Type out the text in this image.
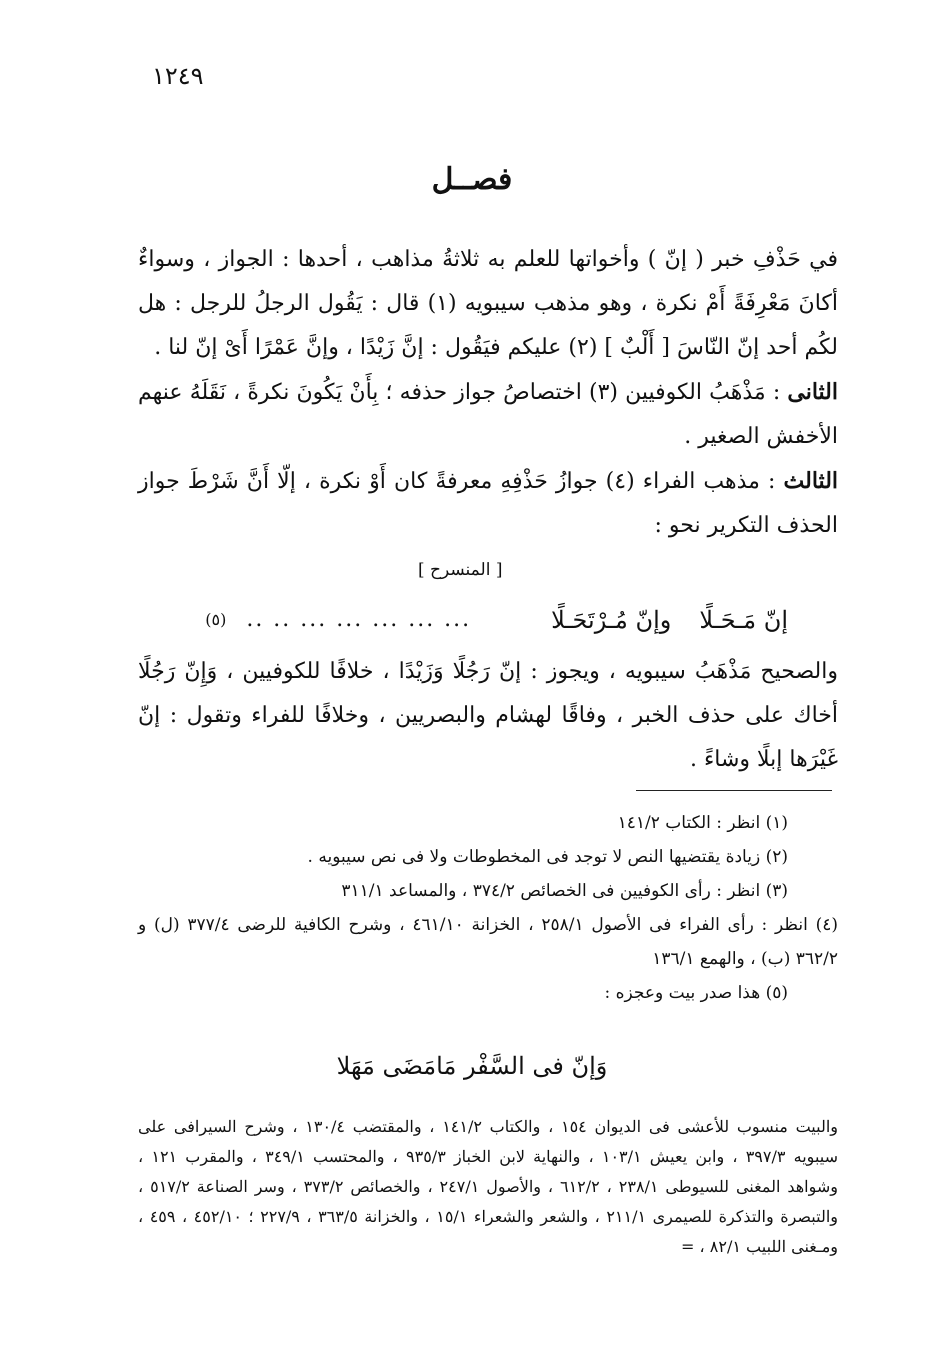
١٢٤٩
فصــل

في حَذْفِ خبر ( إنّ ) وأخواتها للعلم به ثلاثةُ مذاهب ، أحدها : الجواز ، وسواءٌ أكانَ مَعْرِفَةً أَمْ نكرة ، وهو مذهب سيبويه (١) قال : يَقُول الرجلُ للرجل : هل لكُم أحد إنّ النّاسَ [ أَلْبٌ ] (٢) عليكم فيَقُول : إنَّ زَيْدًا ، وإنَّ عَمْرًا أَىْ إنّ لنا .

الثانى : مَذْهَبُ الكوفيين (٣) اختصاصُ جواز حذفه ؛ بِأَنْ يَكُونَ نكرةً ، نَقَلَهُ عنهم الأخفش الصغير .

الثالث : مذهب الفراء (٤) جوازُ حَذْفِهِ معرفةً كان أَوْ نكرة ، إلّا أَنَّ شَرْطَ جواز الحذف التكرير نحو :

[ المنسرح ]
إنّ مَـحَـلًا
وإنّ مُـرْتَحَـلًا
... ... ... ... ... .. ..
(٥)

والصحيح مَذْهَبُ سيبويه ، ويجوز : إنّ رَجُلًا وَزَيْدًا ، خلافًا للكوفيين ، وَإِنّ رَجُلًا أخاك على حذف الخبر ، وفاقًا لهشام والبصريين ، وخلافًا للفراء وتقول : إنّ غَيْرَها إبلًا وشاءً .

(١) انظر : الكتاب ١٤١/٢

(٢) زيادة يقتضيها النص لا توجد فى المخطوطات ولا فى نص سيبويه .

(٣) انظر : رأى الكوفيين فى الخصائص ٣٧٤/٢ ، والمساعد ٣١١/١

(٤) انظر : رأى الفراء فى الأصول ٢٥٨/١ ، الخزانة ٤٦١/١٠ ، وشرح الكافية للرضى ٣٧٧/٤ (ل) و ٣٦٢/٢ (ب) ، والهمع ١٣٦/١

(٥) هذا صدر بيت وعجزه :

وَإنّ فى السَّفْر مَامَضَى مَهَلا

والبيت منسوب للأعشى فى الديوان ١٥٤ ، والكتاب ١٤١/٢ ، والمقتضب ١٣٠/٤ ، وشرح السيرافى على سيبويه ٣٩٧/٣ ، وابن يعيش ١٠٣/١ ، والنهاية لابن الخباز ٩٣٥/٣ ، والمحتسب ٣٤٩/١ ، والمقرب ١٢١ ، وشواهد المغنى للسيوطى ٢٣٨/١ ، ٦١٢/٢ ، والأصول ٢٤٧/١ ، والخصائص ٣٧٣/٢ ، وسر الصناعة ٥١٧/٢ ، والتبصرة والتذكرة للصيمرى ٢١١/١ ، والشعر والشعراء ١٥/١ ، والخزانة ٣٦٣/٥ ، ٢٢٧/٩ ؛ ٤٥٢/١٠ ، ٤٥٩ ، ومـغنى اللبيب ٨٢/١ ، =
